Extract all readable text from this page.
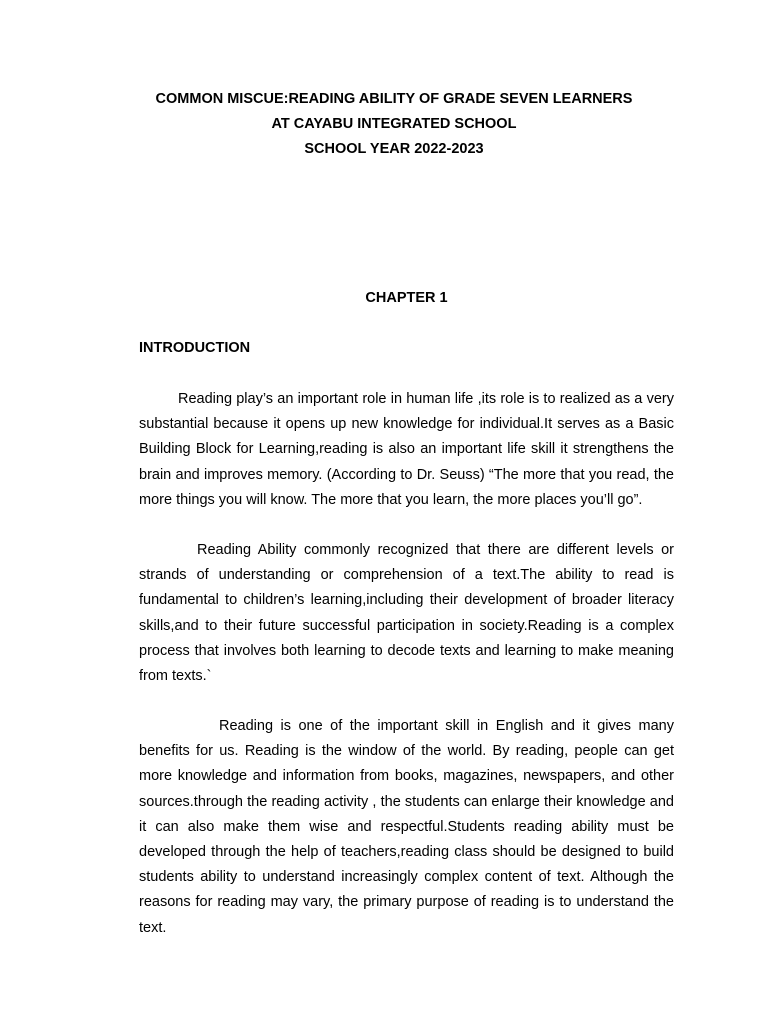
COMMON MISCUE:READING ABILITY OF GRADE SEVEN LEARNERS
AT CAYABU INTEGRATED SCHOOL
SCHOOL YEAR 2022-2023
CHAPTER 1
INTRODUCTION

Reading play’s an important role in human life ,its role is to realized as a very substantial because it opens up new knowledge for individual.It serves as a Basic Building Block for Learning,reading is also an important life skill it strengthens the brain and improves memory. (According to Dr. Seuss) “The more that you read, the more things you will know. The more that you learn, the more places you’ll go”.

Reading Ability commonly recognized that there are different levels or strands of understanding or comprehension of a text.The ability to read is fundamental to children’s learning,including their development of broader literacy skills,and to their future successful participation in society.Reading is a complex process that involves both learning to decode texts and learning to make meaning from texts.`

Reading is one of the important skill in English and it gives many benefits for us. Reading is the window of the world. By reading, people can get more knowledge and information from books, magazines, newspapers, and other sources.through the reading activity , the students can enlarge their knowledge and it can also make them wise and respectful.Students reading ability must be developed through the help of teachers,reading class should be designed to build students ability to understand increasingly complex content of text. Although the reasons for reading may vary, the primary purpose of reading is to understand the text.
